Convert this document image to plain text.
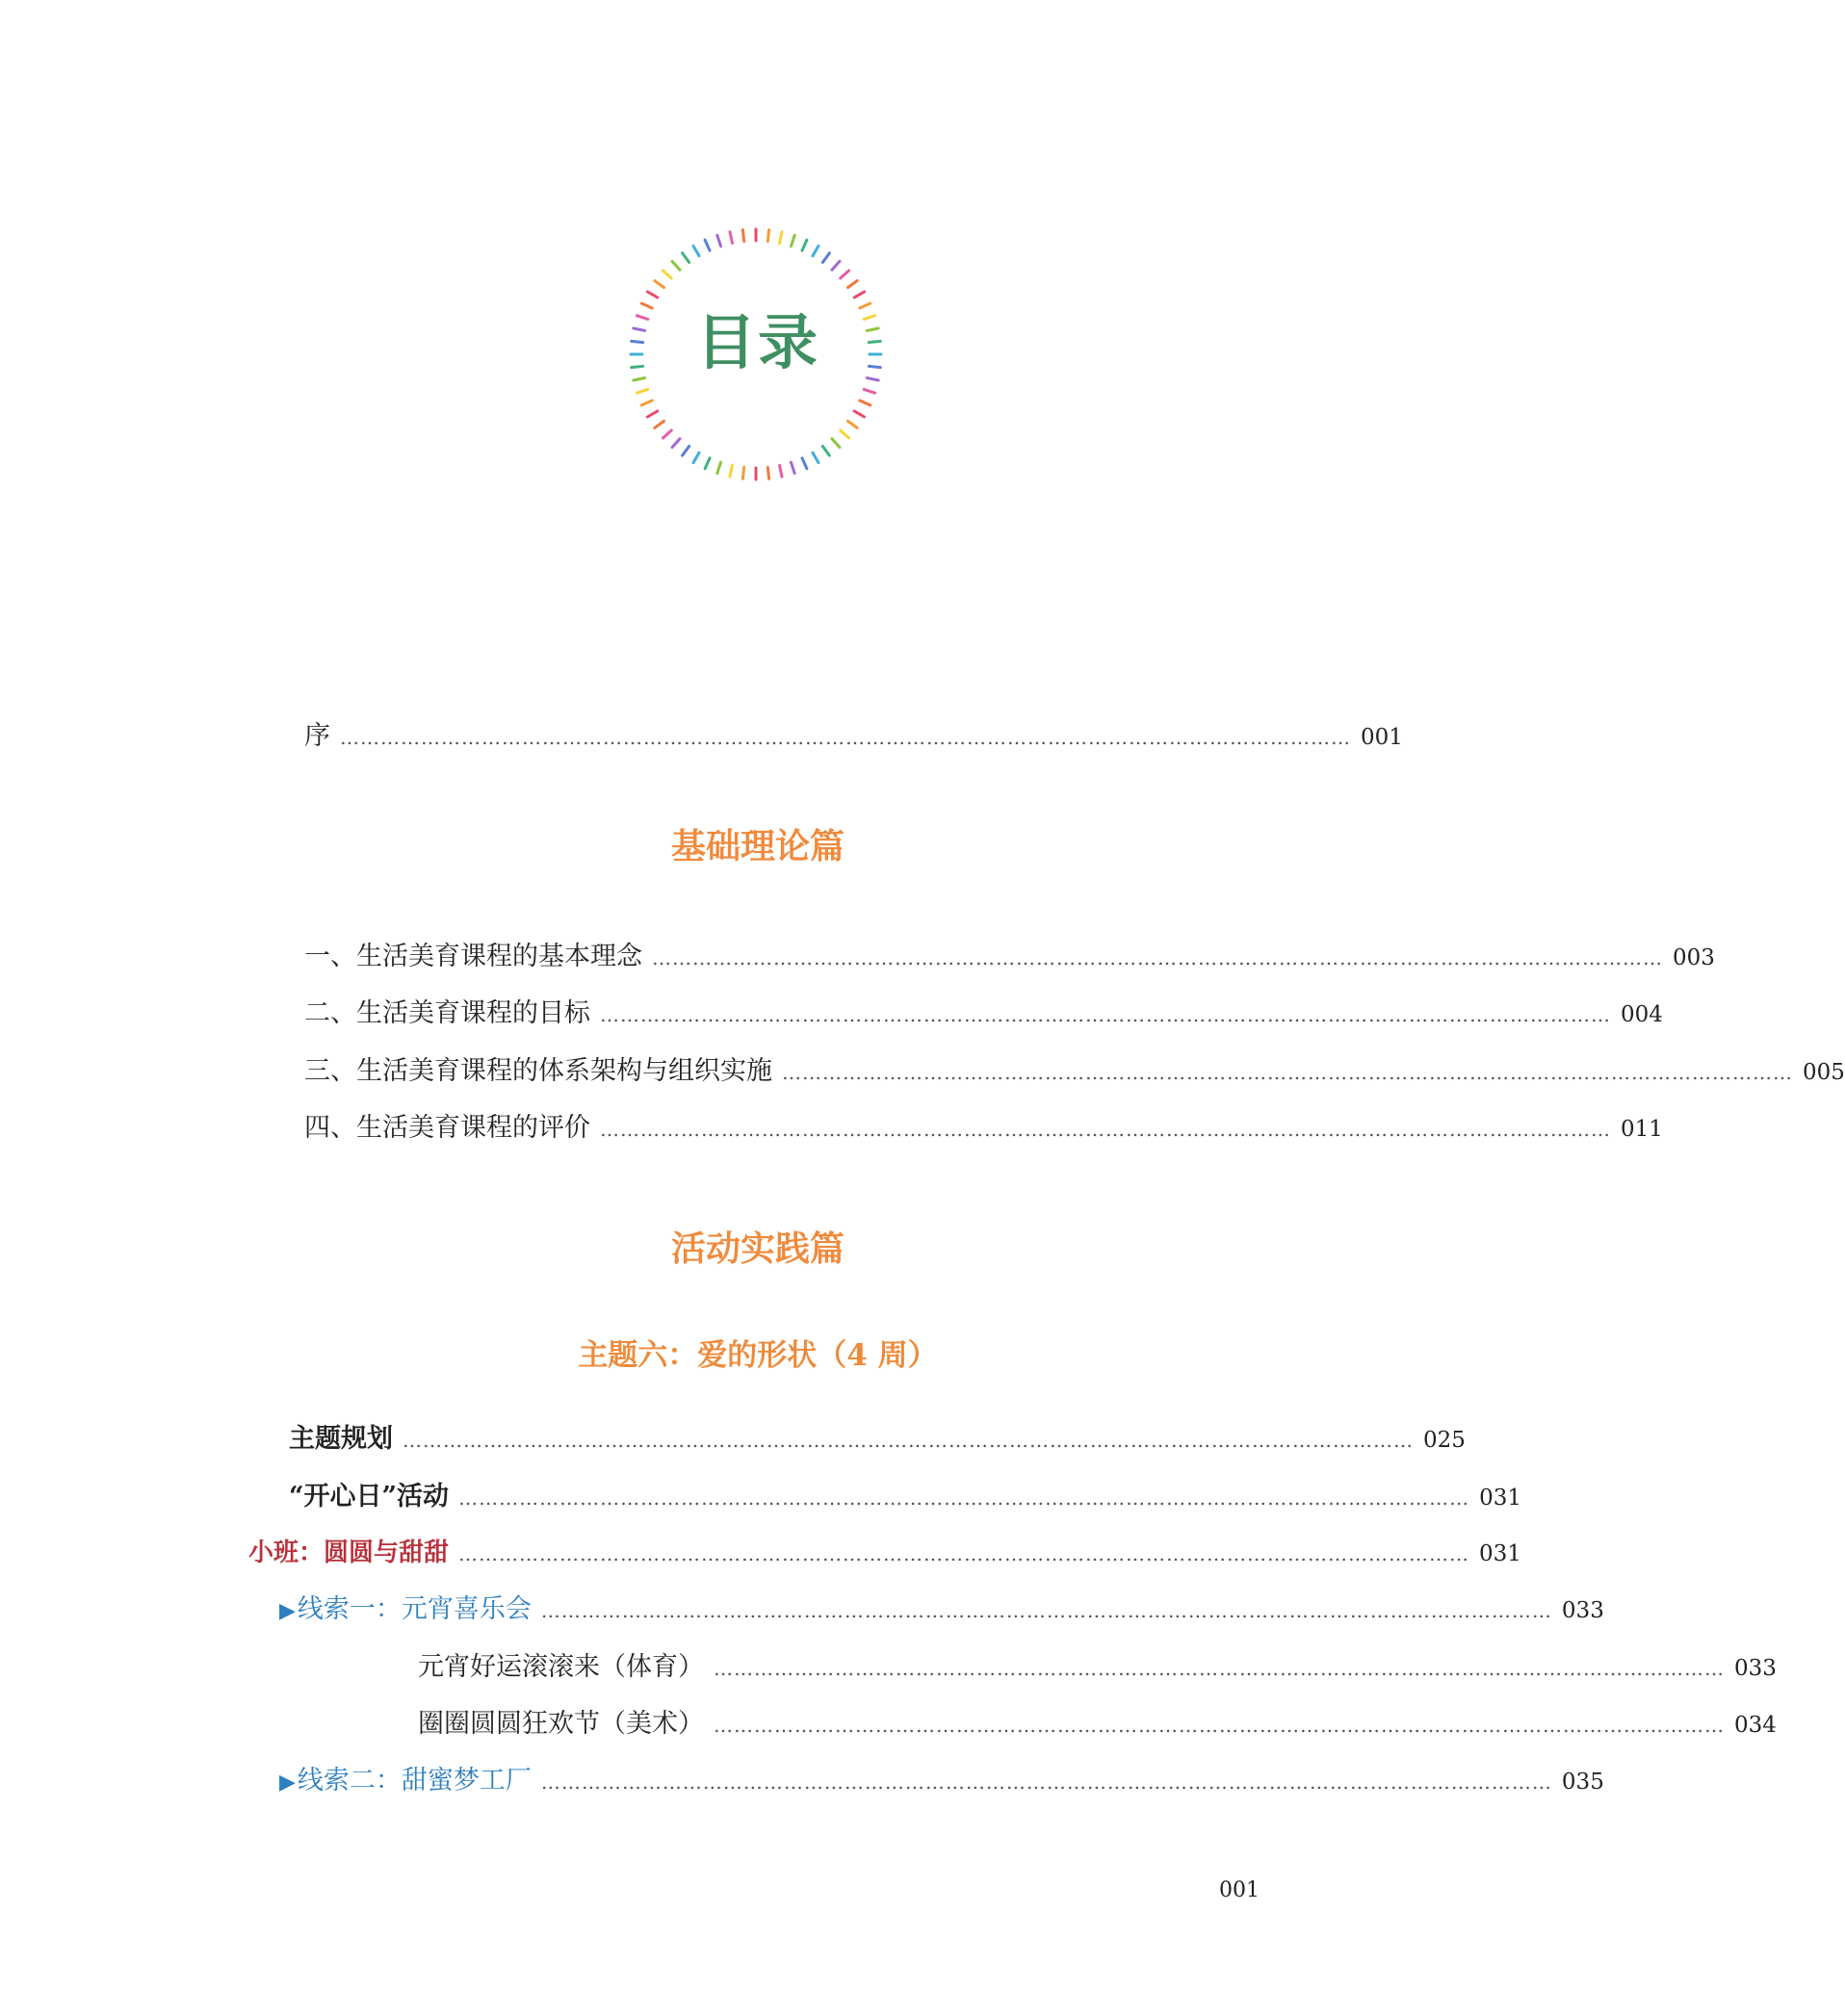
目录
序 …………………………………………………………………………………………………………………………………… 001
基础理论篇
一、生活美育课程的基本理念 …………………………………………………………………………………………………………………………………… 003
二、生活美育课程的目标 …………………………………………………………………………………………………………………………………… 004
三、生活美育课程的体系架构与组织实施 …………………………………………………………………………………………………………………………………… 005
四、生活美育课程的评价 …………………………………………………………………………………………………………………………………… 011
活动实践篇
主题六：爱的形状（4 周）
主题规划 …………………………………………………………………………………………………………………………………… 025
“开心日”活动 …………………………………………………………………………………………………………………………………… 031
小班：圆圆与甜甜 …………………………………………………………………………………………………………………………………… 031
▶线索一：元宵喜乐会 …………………………………………………………………………………………………………………………………… 033
元宵好运滚滚来（体育） …………………………………………………………………………………………………………………………………… 033
圈圈圆圆狂欢节（美术） …………………………………………………………………………………………………………………………………… 034
▶线索二：甜蜜梦工厂 …………………………………………………………………………………………………………………………………… 035
001
